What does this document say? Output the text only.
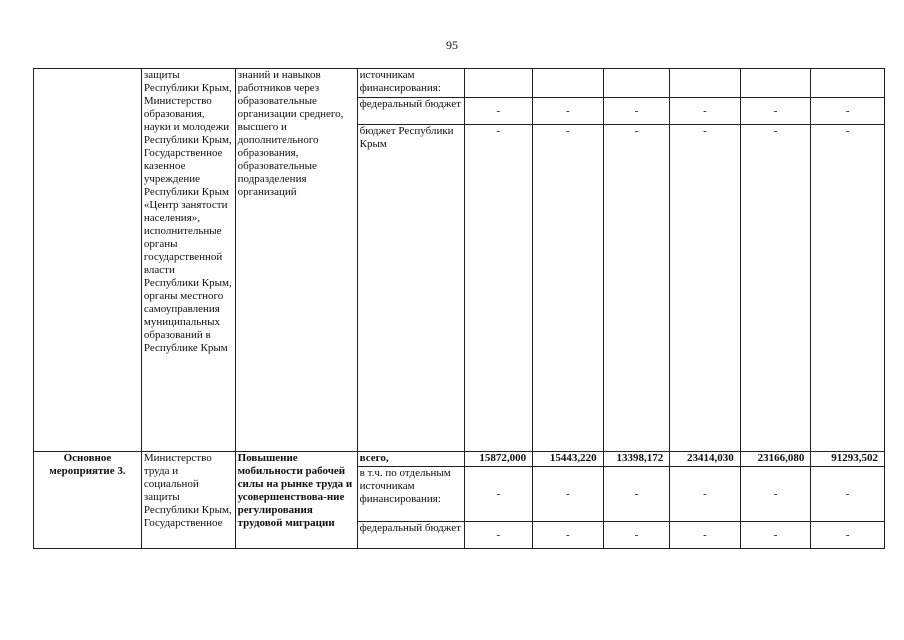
95
	защиты Республики Крым, Министерство образования, науки и молодежи Республики Крым, Государственное казенное учреждение Республики Крым «Центр занятости населения», исполнительные органы государственной власти Республики Крым, органы местного самоуправления муниципальных образований в Республике Крым	знаний и навыков работников через образовательные организации среднего, высшего и дополнительного образования, образовательные подразделения организаций	источникам финансирования:						
			федеральный бюджет	-	-	-	-	-	-
			бюджет Республики Крым	-	-	-	-	-	-
Основное мероприятие 3.	Министерство труда и социальной защиты Республики Крым, Государственное	Повышение мобильности рабочей силы на рынке труда и усовершенствова-ние регулирования трудовой миграции	всего,	15872,000	15443,220	13398,172	23414,030	23166,080	91293,502
			в т.ч. по отдельным источникам финансирования:	-	-	-	-	-	-
			федеральный бюджет	-	-	-	-	-	-
